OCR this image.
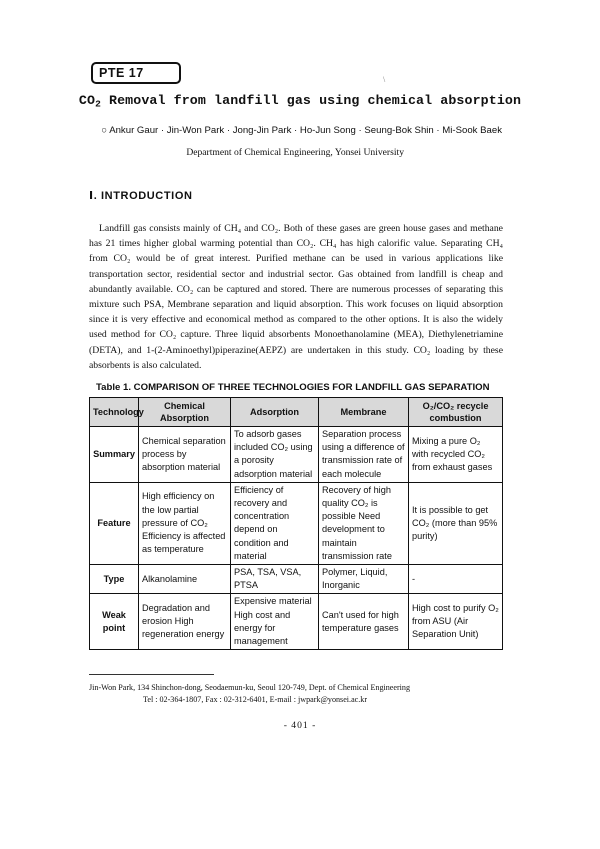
PTE 17	\
$CO_2$ Removal from landfill gas using chemical absorption
○ Ankur Gaur · Jin-Won Park · Jong-Jin Park · Ho-Jun Song · Seung-Bok Shin · Mi-Sook Baek
Department of Chemical Engineering, Yonsei University
Ⅰ. INTRODUCTION
Landfill gas consists mainly of CH₄ and CO₂. Both of these gases are green house gases and methane has 21 times higher global warming potential than CO₂. CH₄ has high calorific value. Separating CH₄ from CO₂ would be of great interest. Purified methane can be used in various applications like transportation sector, residential sector and industrial sector. Gas obtained from landfill is cheap and abundantly available. CO₂ can be captured and stored. There are numerous processes of separating this mixture such PSA, Membrane separation and liquid absorption. This work focuses on liquid absorption since it is very effective and economical method as compared to the other options. It is also the widely used method for CO₂ capture. Three liquid absorbents Monoethanolamine (MEA), Diethylenetriamine (DETA), and 1-(2-Aminoethyl)piperazine(AEPZ) are undertaken in this study. CO₂ loading by these absorbents is also calculated.
Table 1. COMPARISON OF THREE TECHNOLOGIES FOR LANDFILL GAS SEPARATION
Technology	Chemical Absorption	Adsorption	Membrane	O₂/CO₂ recycle combustion
Summary	Chemical separation process by absorption material	To adsorb gases included CO₂ using a porosity adsorption material	Separation process using a difference of transmission rate of each molecule	Mixing a pure O₂ with recycled CO₂ from exhaust gases
Feature	High efficiency on the low partial pressure of CO₂ Efficiency is affected as temperature	Efficiency of recovery and concentration depend on condition and material	Recovery of high quality CO₂ is possible Need development to maintain transmission rate	It is possible to get CO₂ (more than 95% purity)
Type	Alkanolamine	PSA, TSA, VSA, PTSA	Polymer, Liquid, Inorganic	-
Weak point	Degradation and erosion High regeneration energy	Expensive material High cost and energy for management	Can't used for high temperature gases	High cost to purify O₂ from ASU (Air Separation Unit)
Jin-Won Park, 134 Shinchon-dong, Seodaemun-ku, Seoul 120-749, Dept. of Chemical Engineering
Tel : 02-364-1807, Fax : 02-312-6401, E-mail : jwpark@yonsei.ac.kr
- 401 -
